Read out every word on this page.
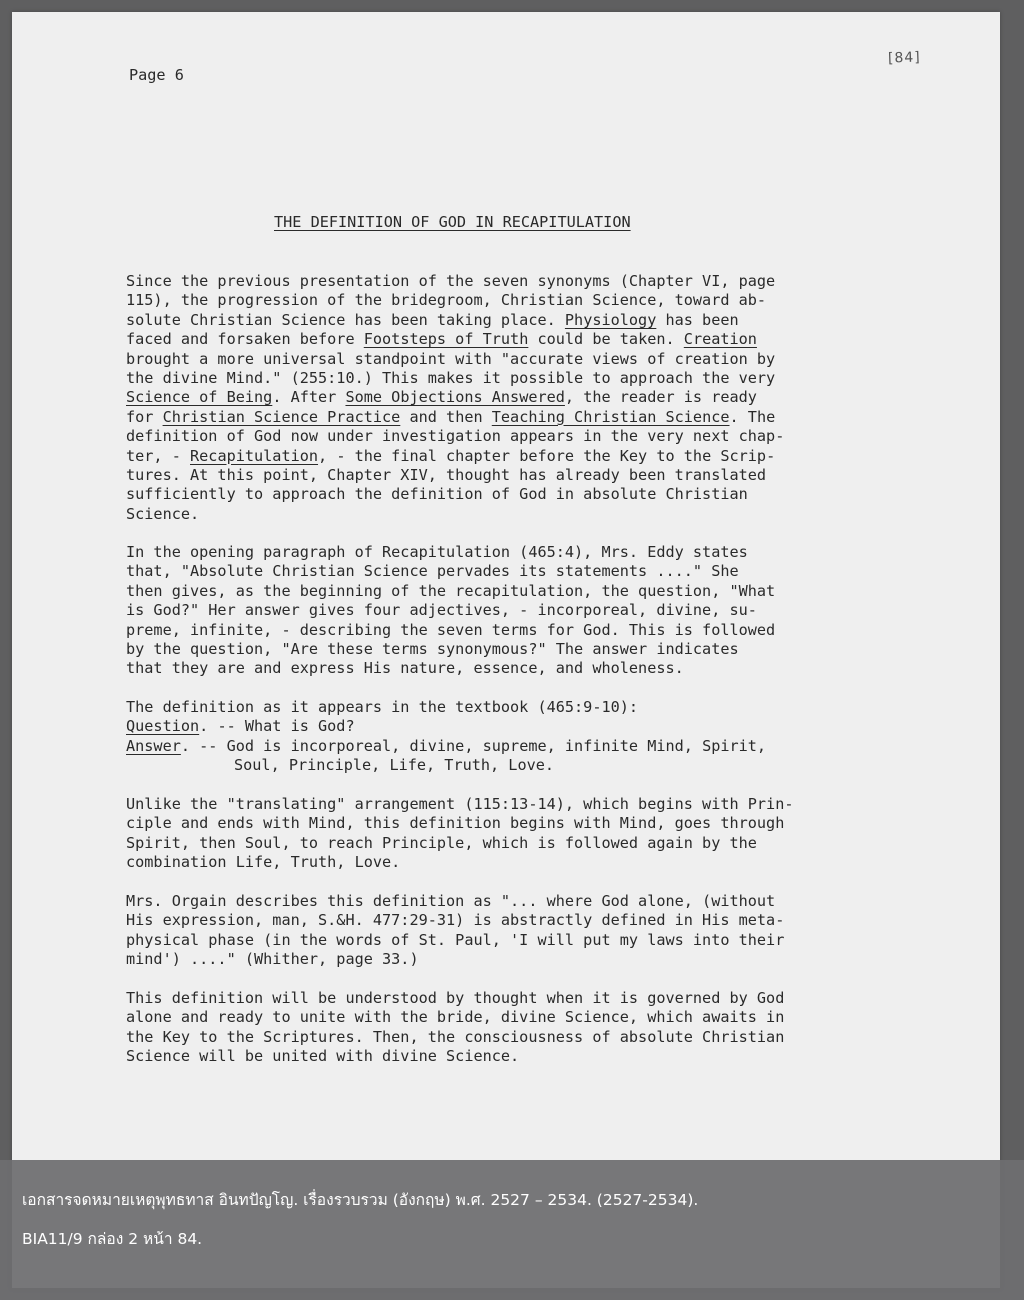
Page 6
[84]
THE DEFINITION OF GOD IN RECAPITULATION
Since the previous presentation of the seven synonyms (Chapter VI, page
115), the progression of the bridegroom, Christian Science, toward ab-
solute Christian Science has been taking place. Physiology has been
faced and forsaken before Footsteps of Truth could be taken. Creation
brought a more universal standpoint with "accurate views of creation by
the divine Mind." (255:10.) This makes it possible to approach the very
Science of Being. After Some Objections Answered, the reader is ready
for Christian Science Practice and then Teaching Christian Science. The
definition of God now under investigation appears in the very next chap-
ter, - Recapitulation, - the final chapter before the Key to the Scrip-
tures. At this point, Chapter XIV, thought has already been translated
sufficiently to approach the definition of God in absolute Christian
Science.
In the opening paragraph of Recapitulation (465:4), Mrs. Eddy states
that, "Absolute Christian Science pervades its statements ...." She
then gives, as the beginning of the recapitulation, the question, "What
is God?" Her answer gives four adjectives, - incorporeal, divine, su-
preme, infinite, - describing the seven terms for God. This is followed
by the question, "Are these terms synonymous?" The answer indicates
that they are and express His nature, essence, and wholeness.
The definition as it appears in the textbook (465:9-10):
Question. -- What is God?
Answer. -- God is incorporeal, divine, supreme, infinite Mind, Spirit,
Soul, Principle, Life, Truth, Love.
Unlike the "translating" arrangement (115:13-14), which begins with Prin-
ciple and ends with Mind, this definition begins with Mind, goes through
Spirit, then Soul, to reach Principle, which is followed again by the
combination Life, Truth, Love.
Mrs. Orgain describes this definition as "... where God alone, (without
His expression, man, S.&H. 477:29-31) is abstractly defined in His meta-
physical phase (in the words of St. Paul, 'I will put my laws into their
mind') ...." (Whither, page 33.)
This definition will be understood by thought when it is governed by God
alone and ready to unite with the bride, divine Science, which awaits in
the Key to the Scriptures. Then, the consciousness of absolute Christian
Science will be united with divine Science.
เอกสารจดหมายเหตุพุทธทาส อินทปัญโญ. เรื่องรวบรวม (อังกฤษ) พ.ศ. 2527 – 2534. (2527-2534).
BIA11/9 กล่อง 2 หน้า 84.
